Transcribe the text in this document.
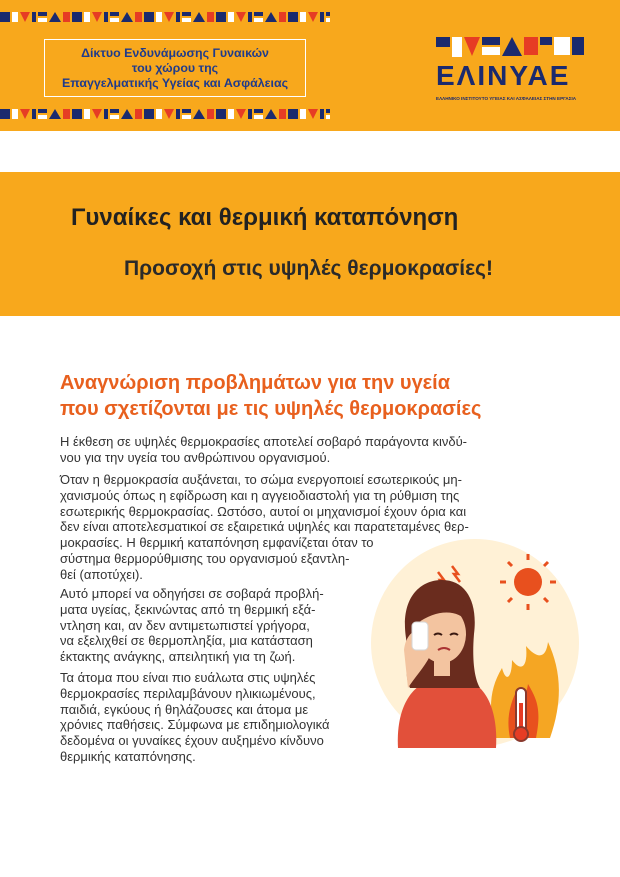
Δίκτυο Ενδυνάμωσης Γυναικών
του χώρου της
Επαγγελματικής Υγείας και Ασφάλειας	ΕΛΙΝΥΑΕ
ΕΛΛΗΝΙΚΟ ΙΝΣΤΙΤΟΥΤΟ ΥΓΕΙΑΣ ΚΑΙ ΑΣΦΑΛΕΙΑΣ ΣΤΗΝ ΕΡΓΑΣΙΑ
Γυναίκες και θερμική καταπόνηση
Προσοχή στις υψηλές θερμοκρασίες!
Αναγνώριση προβλημάτων για την υγεία
που σχετίζονται με τις υψηλές θερμοκρασίες

Η έκθεση σε υψηλές θερμοκρασίες αποτελεί σοβαρό παράγοντα κινδύ-
νου για την υγεία του ανθρώπινου οργανισμού.

Όταν η θερμοκρασία αυξάνεται, το σώμα ενεργοποιεί εσωτερικούς μη-
χανισμούς όπως η εφίδρωση και η αγγειοδιαστολή για τη ρύθμιση της
εσωτερικής θερμοκρασίας. Ωστόσο, αυτοί οι μηχανισμοί έχουν όρια και
δεν είναι αποτελεσματικοί σε εξαιρετικά υψηλές και παρατεταμένες θερ-
μοκρασίες. Η θερμική καταπόνηση εμφανίζεται όταν το
σύστημα θερμορύθμισης του οργανισμού εξαντλη-
θεί (αποτύχει).

Αυτό μπορεί να οδηγήσει σε σοβαρά προβλή-
ματα υγείας, ξεκινώντας από τη θερμική εξά-
ντληση και, αν δεν αντιμετωπιστεί γρήγορα,
να εξελιχθεί σε θερμοπληξία, μια κατάσταση
έκτακτης ανάγκης, απειλητική για τη ζωή.

Τα άτομα που είναι πιο ευάλωτα στις υψηλές
θερμοκρασίες περιλαμβάνουν ηλικιωμένους,
παιδιά, εγκύους ή θηλάζουσες και άτομα με
χρόνιες παθήσεις. Σύμφωνα με επιδημιολογικά
δεδομένα οι γυναίκες έχουν αυξημένο κίνδυνο
θερμικής καταπόνησης.
